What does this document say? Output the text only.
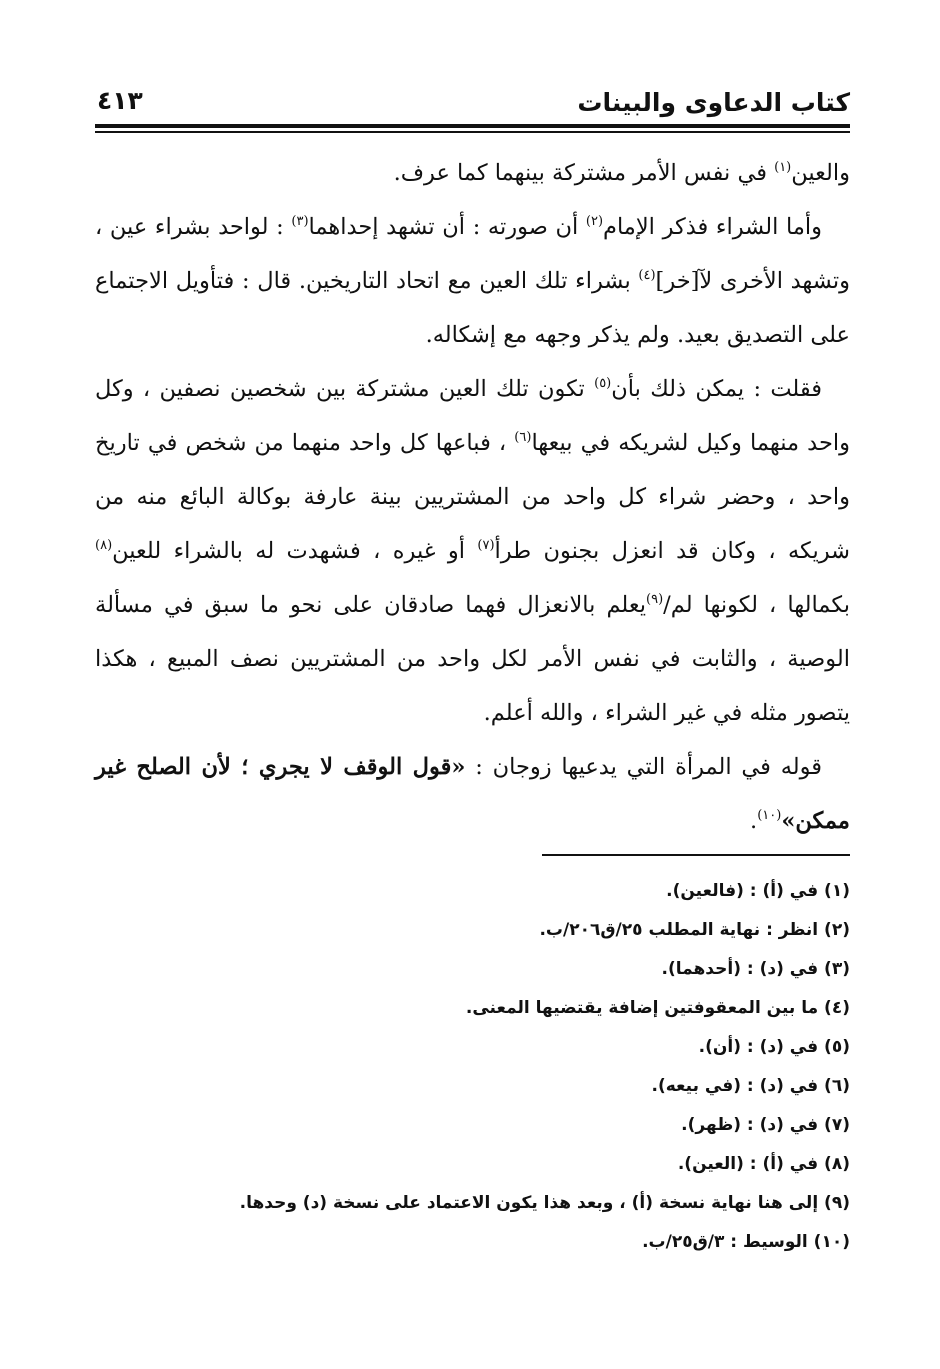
كتاب الدعاوى والبينات
٤١٣

والعين$^{(١)}$ في نفس الأمر مشتركة بينهما كما عرف.

وأما الشراء فذكر الإمام$^{(٢)}$ أن صورته : أن تشهد إحداهما$^{(٣)}$ : لواحد بشراء عين ، وتشهد الأخرى لآ[خر]$^{(٤)}$ بشراء تلك العين مع اتحاد التاريخين. قال : فتأويل الاجتماع على التصديق بعيد. ولم يذكر وجهه مع إشكاله.

فقلت : يمكن ذلك بأن$^{(٥)}$ تكون تلك العين مشتركة بين شخصين نصفين ، وكل واحد منهما وكيل لشريكه في بيعها$^{(٦)}$ ، فباعها كل واحد منهما من شخص في تاريخ واحد ، وحضر شراء كل واحد من المشتريين بينة عارفة بوكالة البائع منه من شريكه ، وكان قد انعزل بجنون طرأ$^{(٧)}$ أو غيره ، فشهدت له بالشراء للعين$^{(٨)}$ بكمالها ، لكونها لم/$^{(٩)}$يعلم بالانعزال فهما صادقان على نحو ما سبق في مسألة الوصية ، والثابت في نفس الأمر لكل واحد من المشتريين نصف المبيع ، هكذا يتصور مثله في غير الشراء ، والله أعلم.

قوله في المرأة التي يدعيها زوجان : «قول الوقف لا يجري ؛ لأن الصلح غير ممكن»$^{(١٠)}$.

(١) في (أ) : (فالعين).
(٢) انظر : نهاية المطلب ٢٥/ق٢٠٦/ب.
(٣) في (د) : (أحدهما).
(٤) ما بين المعقوفتين إضافة يقتضيها المعنى.
(٥) في (د) : (أن).
(٦) في (د) : (في بيعه).
(٧) في (د) : (ظهر).
(٨) في (أ) : (العين).
(٩) إلى هنا نهاية نسخة (أ) ، وبعد هذا يكون الاعتماد على نسخة (د) وحدها.
(١٠) الوسيط : ٣/ق٢٥/ب.
